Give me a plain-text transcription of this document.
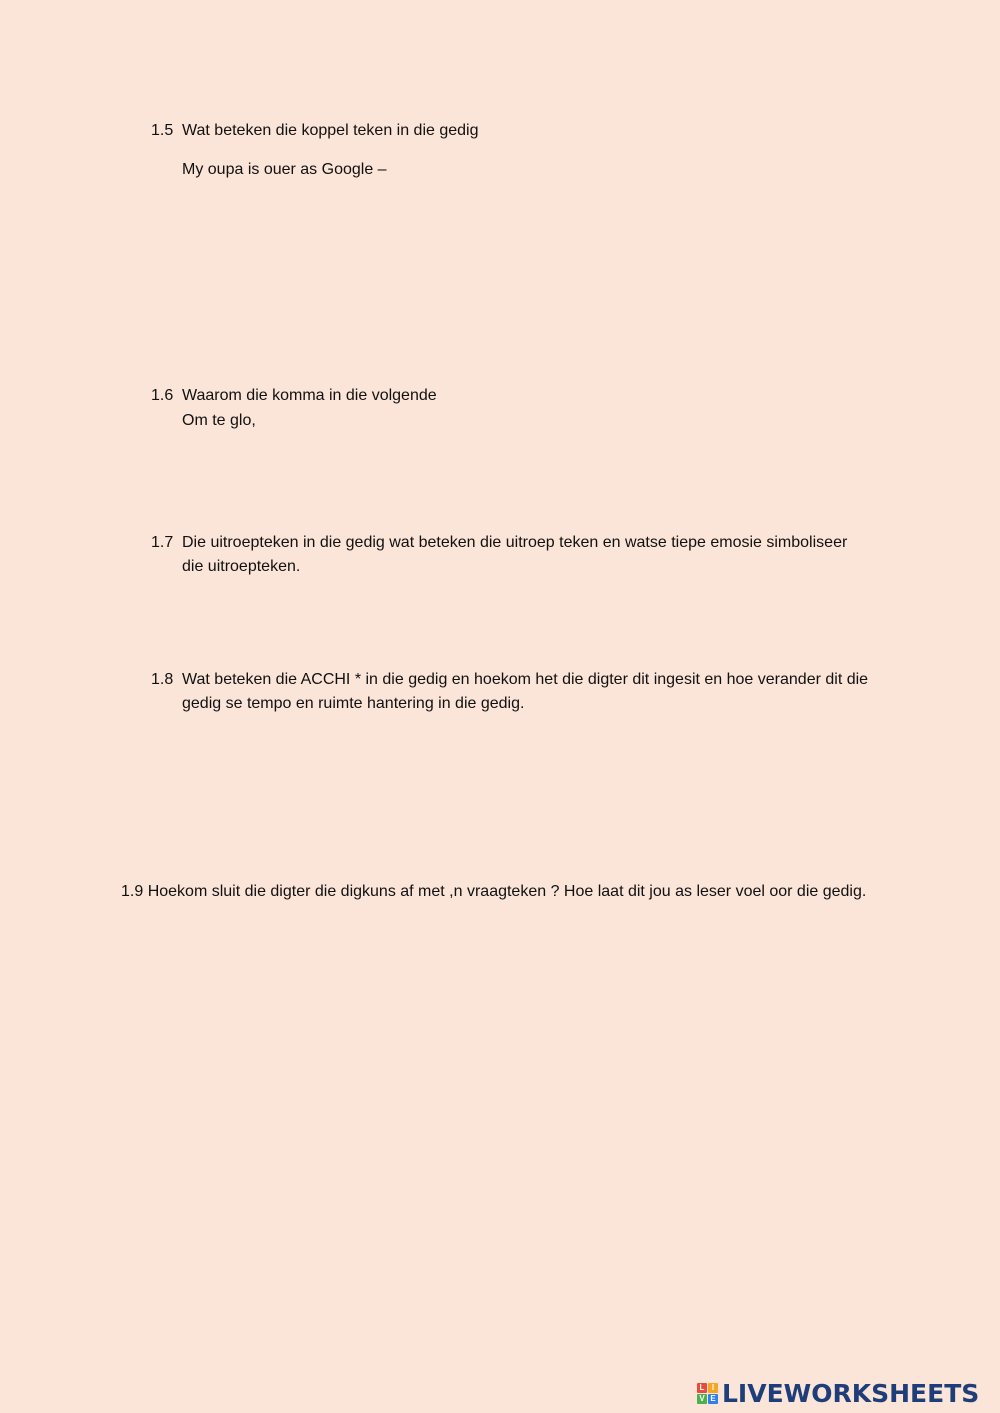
1.5 Wat beteken die koppel teken in die gedig
My oupa is ouer as Google –
1.6 Waarom die komma in die volgende
Om te glo,
1.7 Die uitroepteken in die gedig wat beteken die uitroep teken en watse tiepe emosie simboliseer die uitroepteken.
1.8 Wat beteken die ACCHI * in die gedig en hoekom het die digter dit ingesit en hoe verander dit die gedig se tempo en ruimte hantering in die gedig.
1.9 Hoekom sluit die digter die digkuns af met ,n vraagteken ? Hoe laat dit jou as leser voel oor die gedig.
L I
V E LIVEWORKSHEETS
